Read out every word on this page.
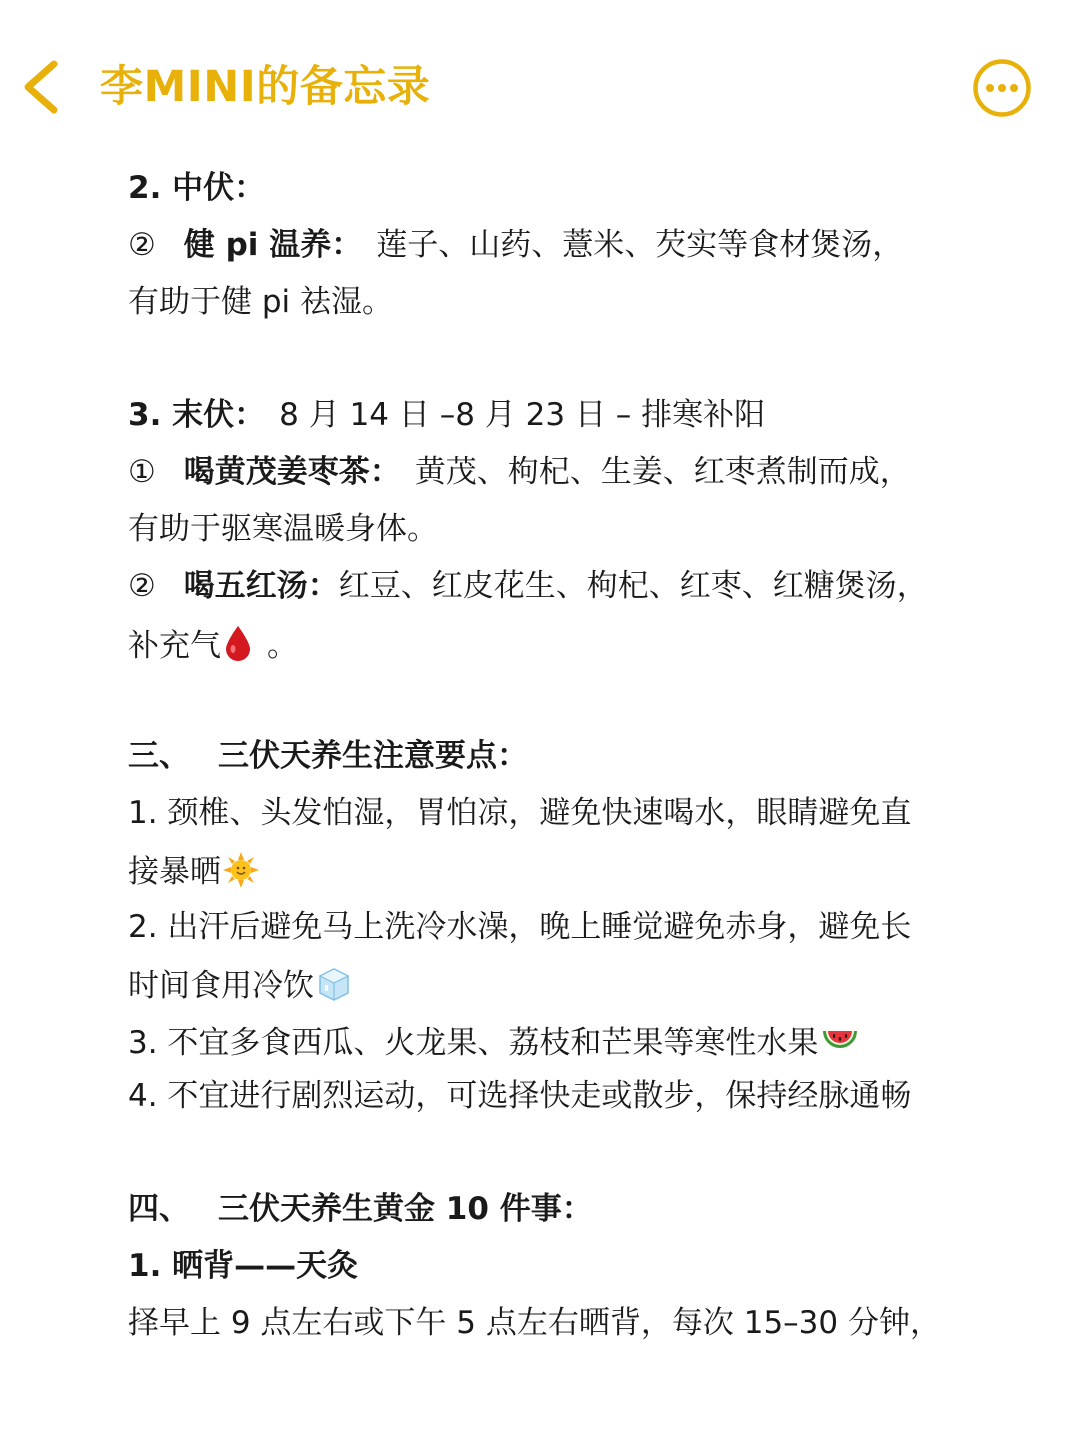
李MINI的备忘录
2. 中伏：
② 健 pi 温养： 莲子、山药、薏米、芡实等食材煲汤，
有助于健 pi 祛湿。
3. 末伏： 8 月 14 日 –8 月 23 日 – 排寒补阳
① 喝黄茂姜枣茶： 黄茂、枸杞、生姜、红枣煮制而成，
有助于驱寒温暖身体。
② 喝五红汤：红豆、红皮花生、枸杞、红枣、红糖煲汤，
补充气 。
三、 三伏天养生注意要点：
1. 颈椎、头发怕湿，胃怕凉，避免快速喝水，眼睛避免直
接暴晒
2. 出汗后避免马上洗冷水澡，晚上睡觉避免赤身，避免长
时间食用冷饮
3. 不宜多食西瓜、火龙果、荔枝和芒果等寒性水果
4. 不宜进行剧烈运动，可选择快走或散步，保持经脉通畅
四、 三伏天养生黄金 10 件事：
1. 晒背——天灸
择早上 9 点左右或下午 5 点左右晒背，每次 15–30 分钟，
